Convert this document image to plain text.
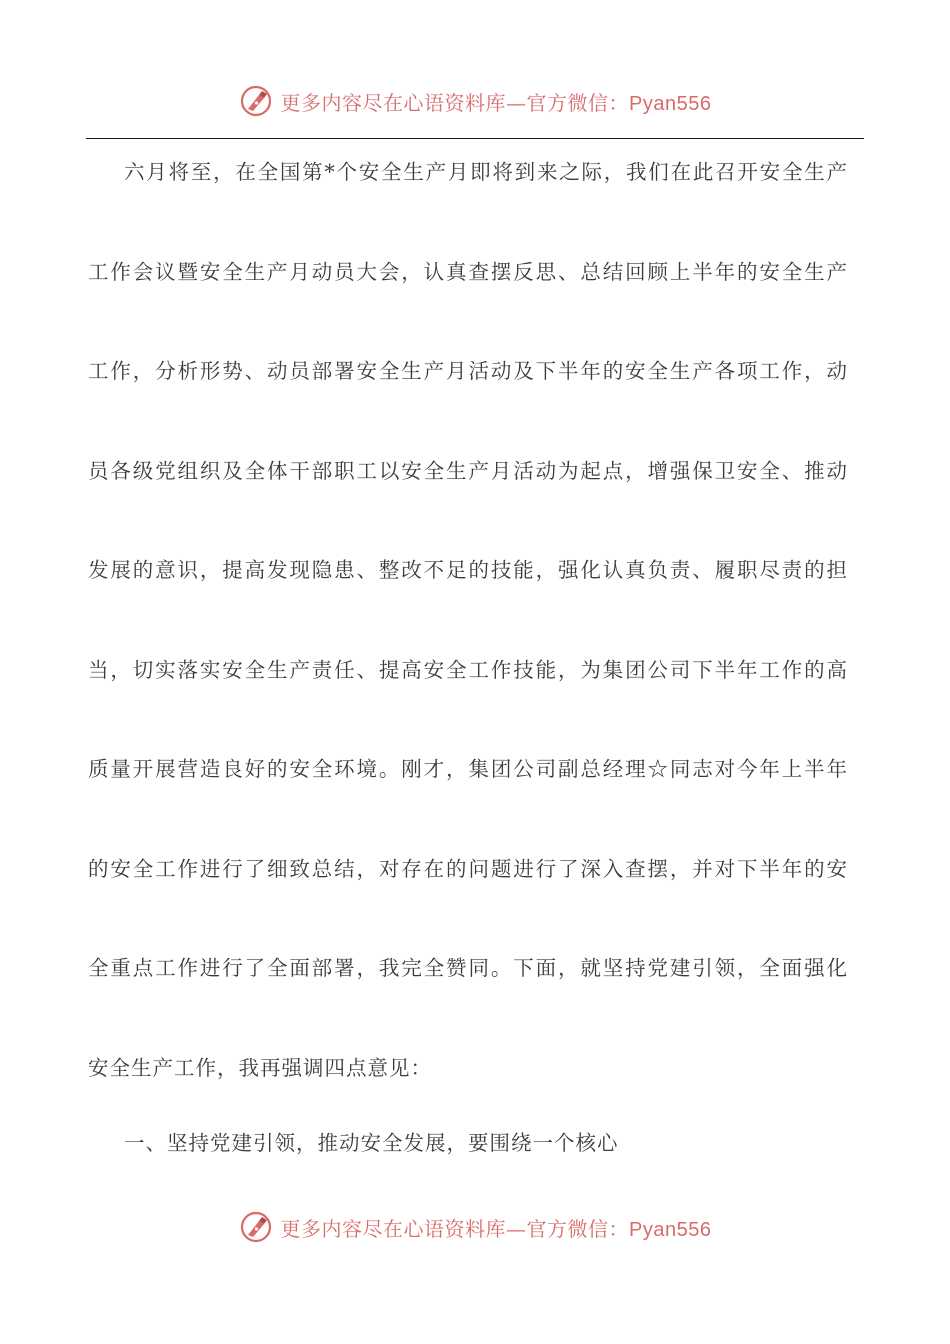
更多内容尽在心语资料库—官方微信：Pyan556
六月将至，在全国第*个安全生产月即将到来之际，我们在此召开安全生产
工作会议暨安全生产月动员大会，认真查摆反思、总结回顾上半年的安全生产
工作，分析形势、动员部署安全生产月活动及下半年的安全生产各项工作，动
员各级党组织及全体干部职工以安全生产月活动为起点，增强保卫安全、推动
发展的意识，提高发现隐患、整改不足的技能，强化认真负责、履职尽责的担
当，切实落实安全生产责任、提高安全工作技能，为集团公司下半年工作的高
质量开展营造良好的安全环境。刚才，集团公司副总经理☆同志对今年上半年
的安全工作进行了细致总结，对存在的问题进行了深入查摆，并对下半年的安
全重点工作进行了全面部署，我完全赞同。下面，就坚持党建引领，全面强化
安全生产工作，我再强调四点意见：
一、坚持党建引领，推动安全发展，要围绕一个核心
更多内容尽在心语资料库—官方微信：Pyan556
